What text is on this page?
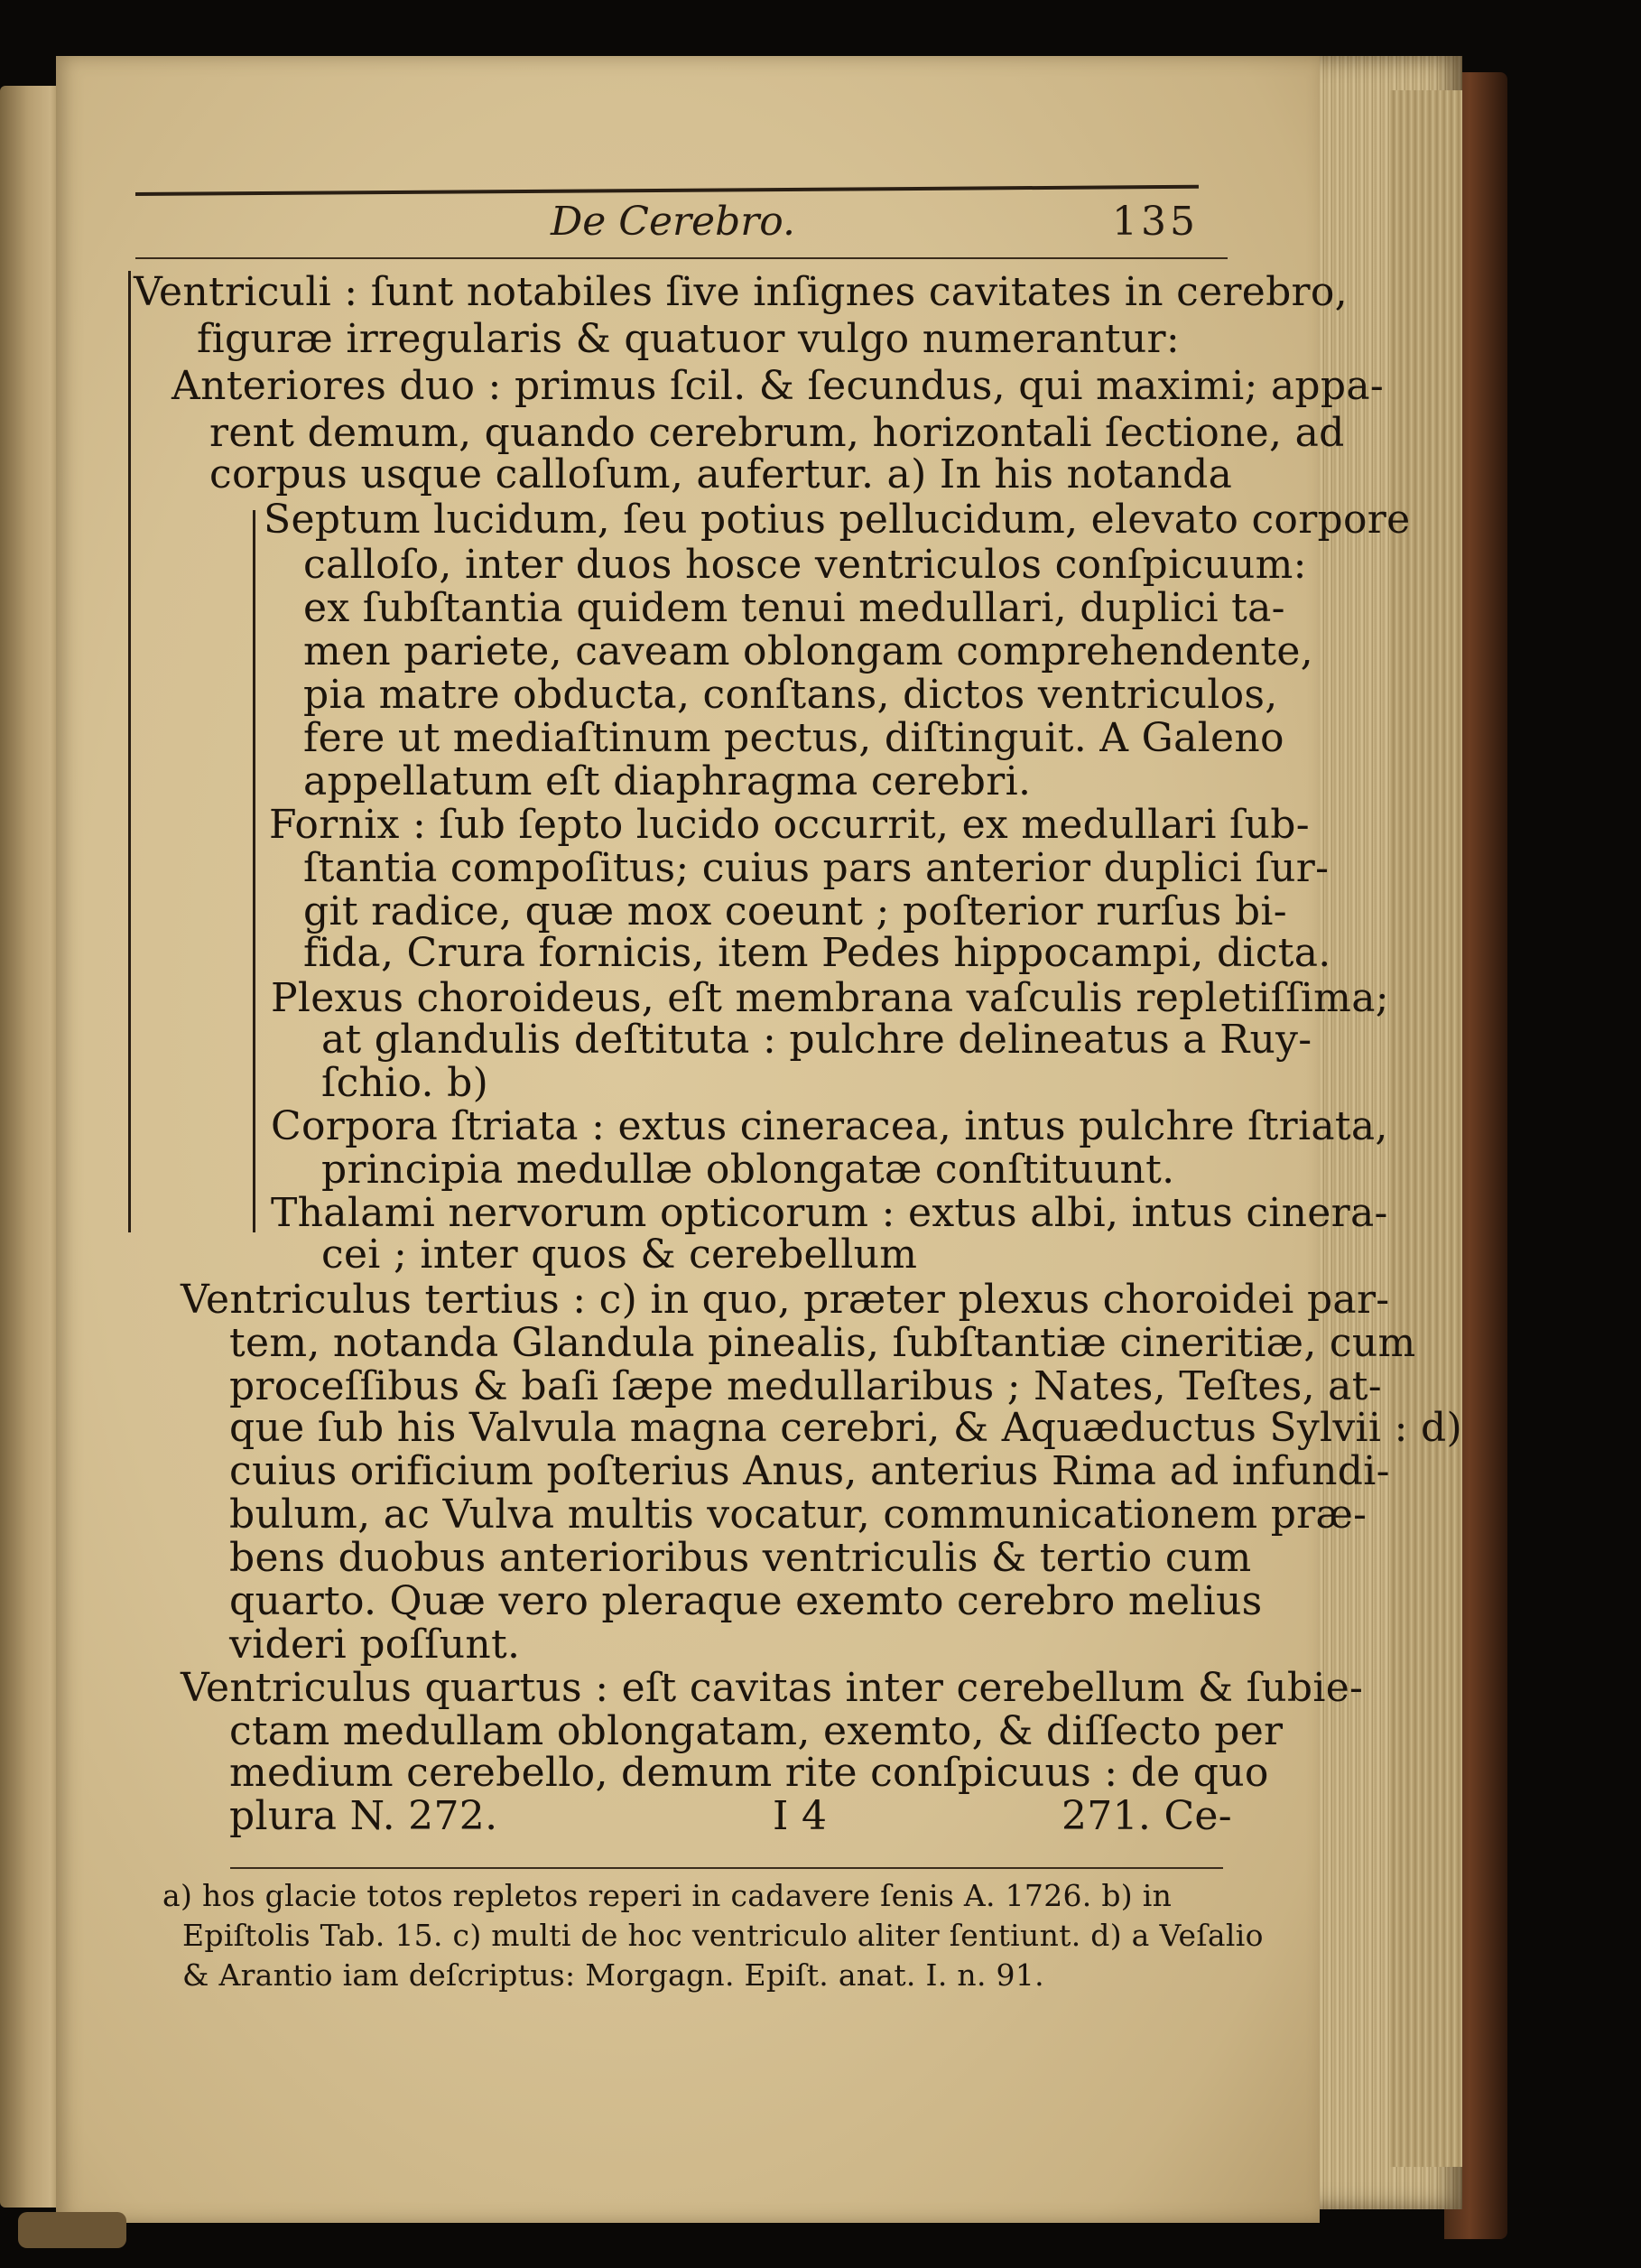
De Cerebro.	135
Ventriculi : ſunt notabiles ſive inſignes cavitates in cerebro,
figuræ irregularis & quatuor vulgo numerantur:
Anteriores duo : primus ſcil. & ſecundus, qui maximi; appa-
rent demum, quando cerebrum, horizontali ſectione, ad
corpus usque calloſum, aufertur. a) In his notanda
Septum lucidum, ſeu potius pellucidum, elevato corpore
calloſo, inter duos hosce ventriculos conſpicuum:
ex ſubſtantia quidem tenui medullari, duplici ta-
men pariete, caveam oblongam comprehendente,
pia matre obducta, conſtans, dictos ventriculos,
fere ut mediaſtinum pectus, diſtinguit. A Galeno
appellatum eſt diaphragma cerebri.
Fornix : ſub ſepto lucido occurrit, ex medullari ſub-
ſtantia compoſitus; cuius pars anterior duplici ſur-
git radice, quæ mox coeunt ; poſterior rurſus bi-
fida, Crura fornicis, item Pedes hippocampi, dicta.
Plexus choroideus, eſt membrana vaſculis repletiſſima;
at glandulis deſtituta : pulchre delineatus a Ruy-
ſchio. b)
Corpora ſtriata : extus cineracea, intus pulchre ſtriata,
principia medullæ oblongatæ conſtituunt.
Thalami nervorum opticorum : extus albi, intus cinera-
cei ; inter quos & cerebellum
Ventriculus tertius : c) in quo, præter plexus choroidei par-
tem, notanda Glandula pinealis, ſubſtantiæ cineritiæ, cum
proceſſibus & baſi ſæpe medullaribus ; Nates, Teſtes, at-
que ſub his Valvula magna cerebri, & Aquæductus Sylvii : d)
cuius orificium poſterius Anus, anterius Rima ad infundi-
bulum, ac Vulva multis vocatur, communicationem præ-
bens duobus anterioribus ventriculis & tertio cum
quarto. Quæ vero pleraque exemto cerebro melius
videri poſſunt.
Ventriculus quartus : eſt cavitas inter cerebellum & ſubie-
ctam medullam oblongatam, exemto, & diſſecto per
medium cerebello, demum rite conſpicuus : de quo
plura N. 272.	I 4	271. Ce-
a) hos glacie totos repletos reperi in cadavere ſenis A. 1726. b) in
Epiſtolis Tab. 15. c) multi de hoc ventriculo aliter ſentiunt. d) a Veſalio
& Arantio iam deſcriptus: Morgagn. Epiſt. anat. I. n. 91.
